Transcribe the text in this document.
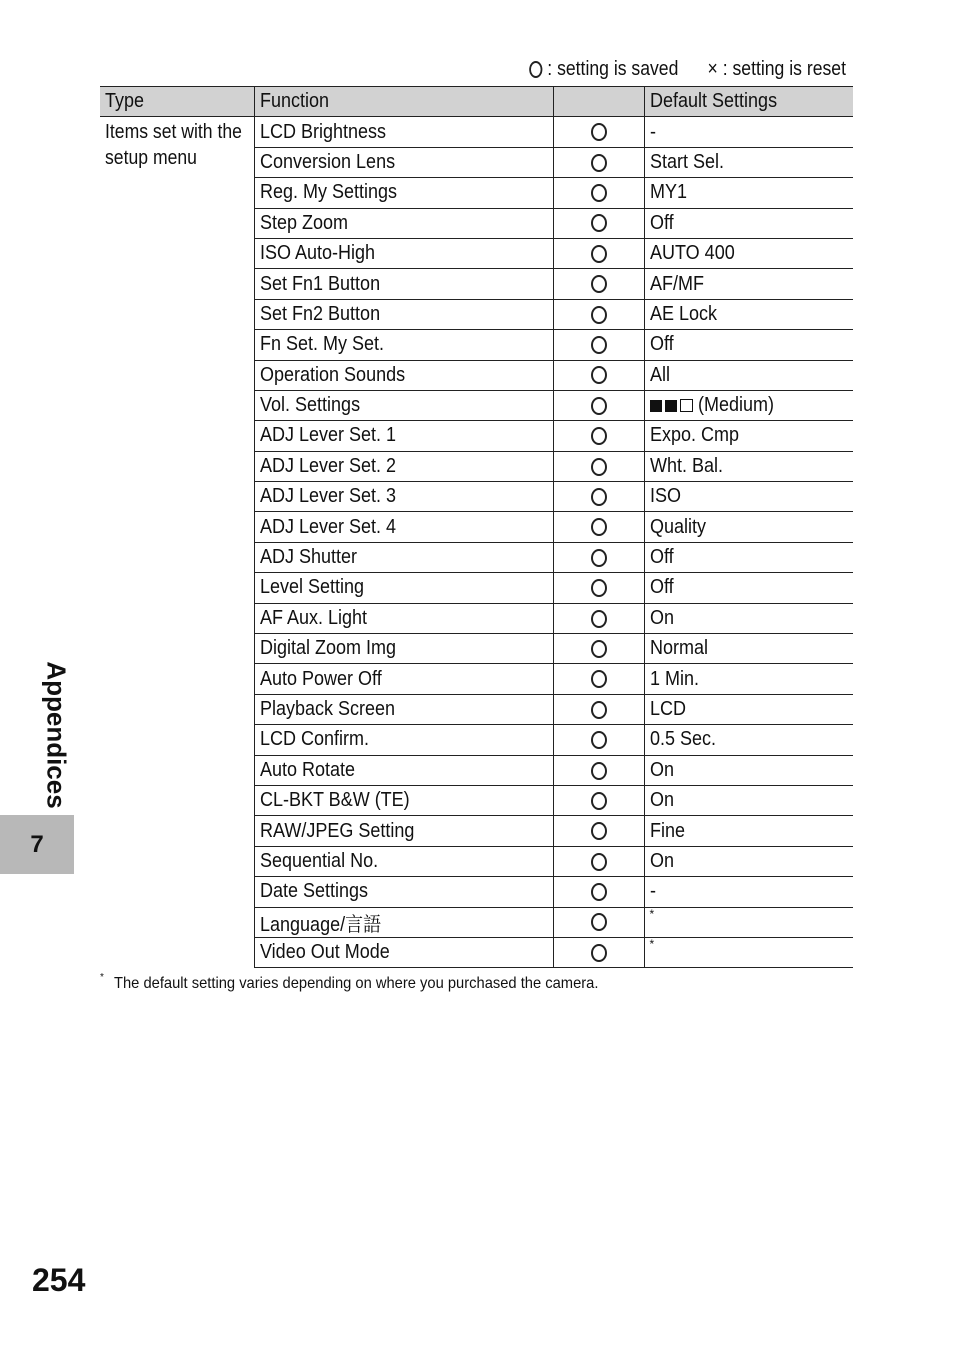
: setting is saved × : setting is reset
Type	Function		Default Settings
Items set with the setup menu	LCD Brightness		-
	Conversion Lens		Start Sel.
	Reg. My Settings		MY1
	Step Zoom		Off
	ISO Auto-High		AUTO 400
	Set Fn1 Button		AF/MF
	Set Fn2 Button		AE Lock
	Fn Set. My Set.		Off
	Operation Sounds		All
	Vol. Settings		(Medium)
	ADJ Lever Set. 1		Expo. Cmp
	ADJ Lever Set. 2		Wht. Bal.
	ADJ Lever Set. 3		ISO
	ADJ Lever Set. 4		Quality
	ADJ Shutter		Off
	Level Setting		Off
	AF Aux. Light		On
	Digital Zoom Img		Normal
	Auto Power Off		1 Min.
	Playback Screen		LCD
	LCD Confirm.		0.5 Sec.
	Auto Rotate		On
	CL-BKT B&W (TE)		On
	RAW/JPEG Setting		Fine
	Sequential No.		On
	Date Settings		-
	Language/言語		*
	Video Out Mode		*
* The default setting varies depending on where you purchased the camera.
Appendices
7
254
